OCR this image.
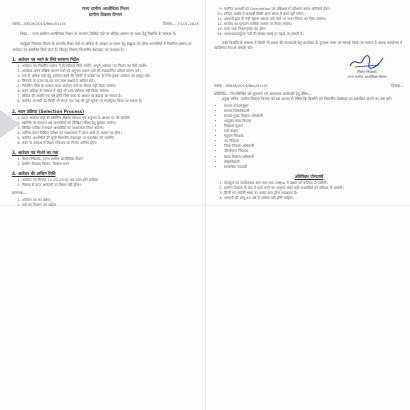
राज्य ग्रामीण आजीविका मिशन
ग्रामीण विकास विभाग
पत्रांक—SRLM/2014/Rec/01/15	दिनांक— 13-01-2015

विषय— राज्य ग्रामीण आजीविका मिशन के अन्तर्गत विभिन्न पदों पर संविदा आधार पर चयन हेतु विज्ञप्ति के सम्बन्ध में।

उपर्युक्त विषयक मिशन के अन्तर्गत रिक्त पदों पर संविदा के आधार पर चयन हेतु इच्छुक एवं योग्य अभ्यर्थियों से निर्धारित प्रारूप पर आवेदन पत्र आमंत्रित किये जाते हैं। विस्तृत विवरण विभागीय वेबसाइट पर उपलब्ध है।

1. आवेदन पत्र भरने के लिये सामान्य निर्देश
1. आवेदन पत्र निर्धारित प्रारूप में ही स्वीकार किये जायेंगे, अपूर्ण आवेदन पत्र निरस्त कर दिये जायेंगे।
2. आवेदक अपने शैक्षिक प्रमाण पत्रों एवं अनुभव प्रमाण पत्रों की स्वप्रमाणित प्रतियाँ संलग्न करें।
3. एक से अधिक पदों हेतु आवेदन करने की स्थिति में प्रत्येक पद के लिये पृथक आवेदन पत्र प्रस्तुत करें।
4. लिफाफे के ऊपर पद का नाम स्पष्ट अक्षरों में अंकित करें।
5. निर्धारित तिथि के पश्चात प्राप्त आवेदन पत्रों पर विचार नहीं किया जायेगा।
6. चयन प्रक्रिया के सम्बन्ध में कोई भी दावा स्वीकार नहीं किया जायेगा।
7. संविदा की अवधि एक वर्ष होगी जिसे कार्य के आधार पर बढ़ाया जा सकता है।
8. चयनित अभ्यर्थी को किसी भी समय एक माह की पूर्व सूचना पर कार्यमुक्त किया जा सकता है।
2. चयन प्रक्रिया (Selection Process)
1. प्राप्त आवेदन पत्रों की स्क्रीनिंग शैक्षिक योग्यता एवं अनुभव के आधार पर की जायेगी।
2. स्क्रीनिंग के उपरान्त अर्ह अभ्यर्थियों को लिखित परीक्षा हेतु बुलाया जायेगा।
3. लिखित परीक्षा में सफल अभ्यर्थियों का साक्षात्कार लिया जायेगा।
4. अन्तिम चयन लिखित परीक्षा एवं साक्षात्कार में प्राप्त अंकों के आधार पर होगा।
5. चयनित अभ्यर्थियों की सूची विभागीय वेबसाइट पर प्रकाशित की जायेगी।
6. चयन के सम्बन्ध में मिशन निदेशक का निर्णय अन्तिम होगा।
3. आवेदन पत्र भेजने का पता
1. मिशन निदेशक, राज्य ग्रामीण आजीविका मिशन
2. ग्रामीण विकास विभाग, विकास भवन
4. आवेदन की अन्तिम तिथि
1. आवेदन पत्र दिनांक 12-02-2015 तक प्राप्त होने चाहिये।
2. विलम्ब से प्राप्त आवेदनों पर विचार नहीं होगा।
संलग्नक—
1. आवेदन पत्र का प्रारूप
2. पदों का विवरण एवं अर्हता
9. चयनित अभ्यर्थी को Orientation एवं प्रशिक्षण में प्रतिभाग करना अनिवार्य होगा।
10. संविदा अवधि में अभ्यर्थी किसी अन्य संस्था में कार्य नहीं करेगा।
11. अभ्यर्थी द्वारा दी गयी सूचना असत्य पाये जाने पर चयन निरस्त कर दिया जायेगा।
12. मानदेय का भुगतान मासिक आधार पर किया जायेगा।
13. यात्रा भत्ता नियमानुसार देय होगा।
14. आवश्यकतानुसार पदों की संख्या घटाई या बढ़ाई जा सकती है।

उक्त विज्ञप्ति के सम्बन्ध में किसी भी प्रकार की जानकारी हेतु कार्यालय के दूरभाष नम्बर पर सम्पर्क किया जा सकता है अथवा कार्यालय में व्यक्तिगत रूप से सम्पर्क करें।

(मिशन निदेशक)
राज्य ग्रामीण आजीविका मिशन
पत्रांक—SRLM/2014/Rec/01/15	दिनांक—

प्रतिलिपि— निम्नलिखित को सूचनार्थ एवं आवश्यक कार्यवाही हेतु प्रेषित—

प्रमुख सचिव, ग्रामीण विकास विभाग को इस आशय से प्रेषित कि विज्ञप्ति को विभागीय वेबसाइट पर प्रकाशित कराने का कष्ट करें।

• समस्त मण्डलायुक्त
• समस्त जिलाधिकारी
• समस्त मुख्य विकास अधिकारी
• आयुक्त ग्राम्य विकास
• निदेशक सूचना
• गार्ड फाइल
• संयुक्त निदेशक
• उप निदेशक
• जिला विकास अधिकारी
• परियोजना निदेशक
• खण्ड विकास अधिकारी
• लेखाधिकारी
• सम्बन्धित पत्रावली
अतिरिक्त योग्यतायें
1. कम्प्यूटर का कार्यसाधक ज्ञान तथा MS Office में दक्षता को वरीयता दी जायेगी।
2. ग्रामीण विकास के क्षेत्र में कार्य करने का अनुभव रखने वाले अभ्यर्थियों को वरीयता दी जायेगी।
3. हिन्दी एवं अंग्रेजी भाषा का अच्छा ज्ञान होना आवश्यक है।
4. अभ्यर्थी की आयु 45 वर्ष से अधिक नहीं होनी चाहिये।
